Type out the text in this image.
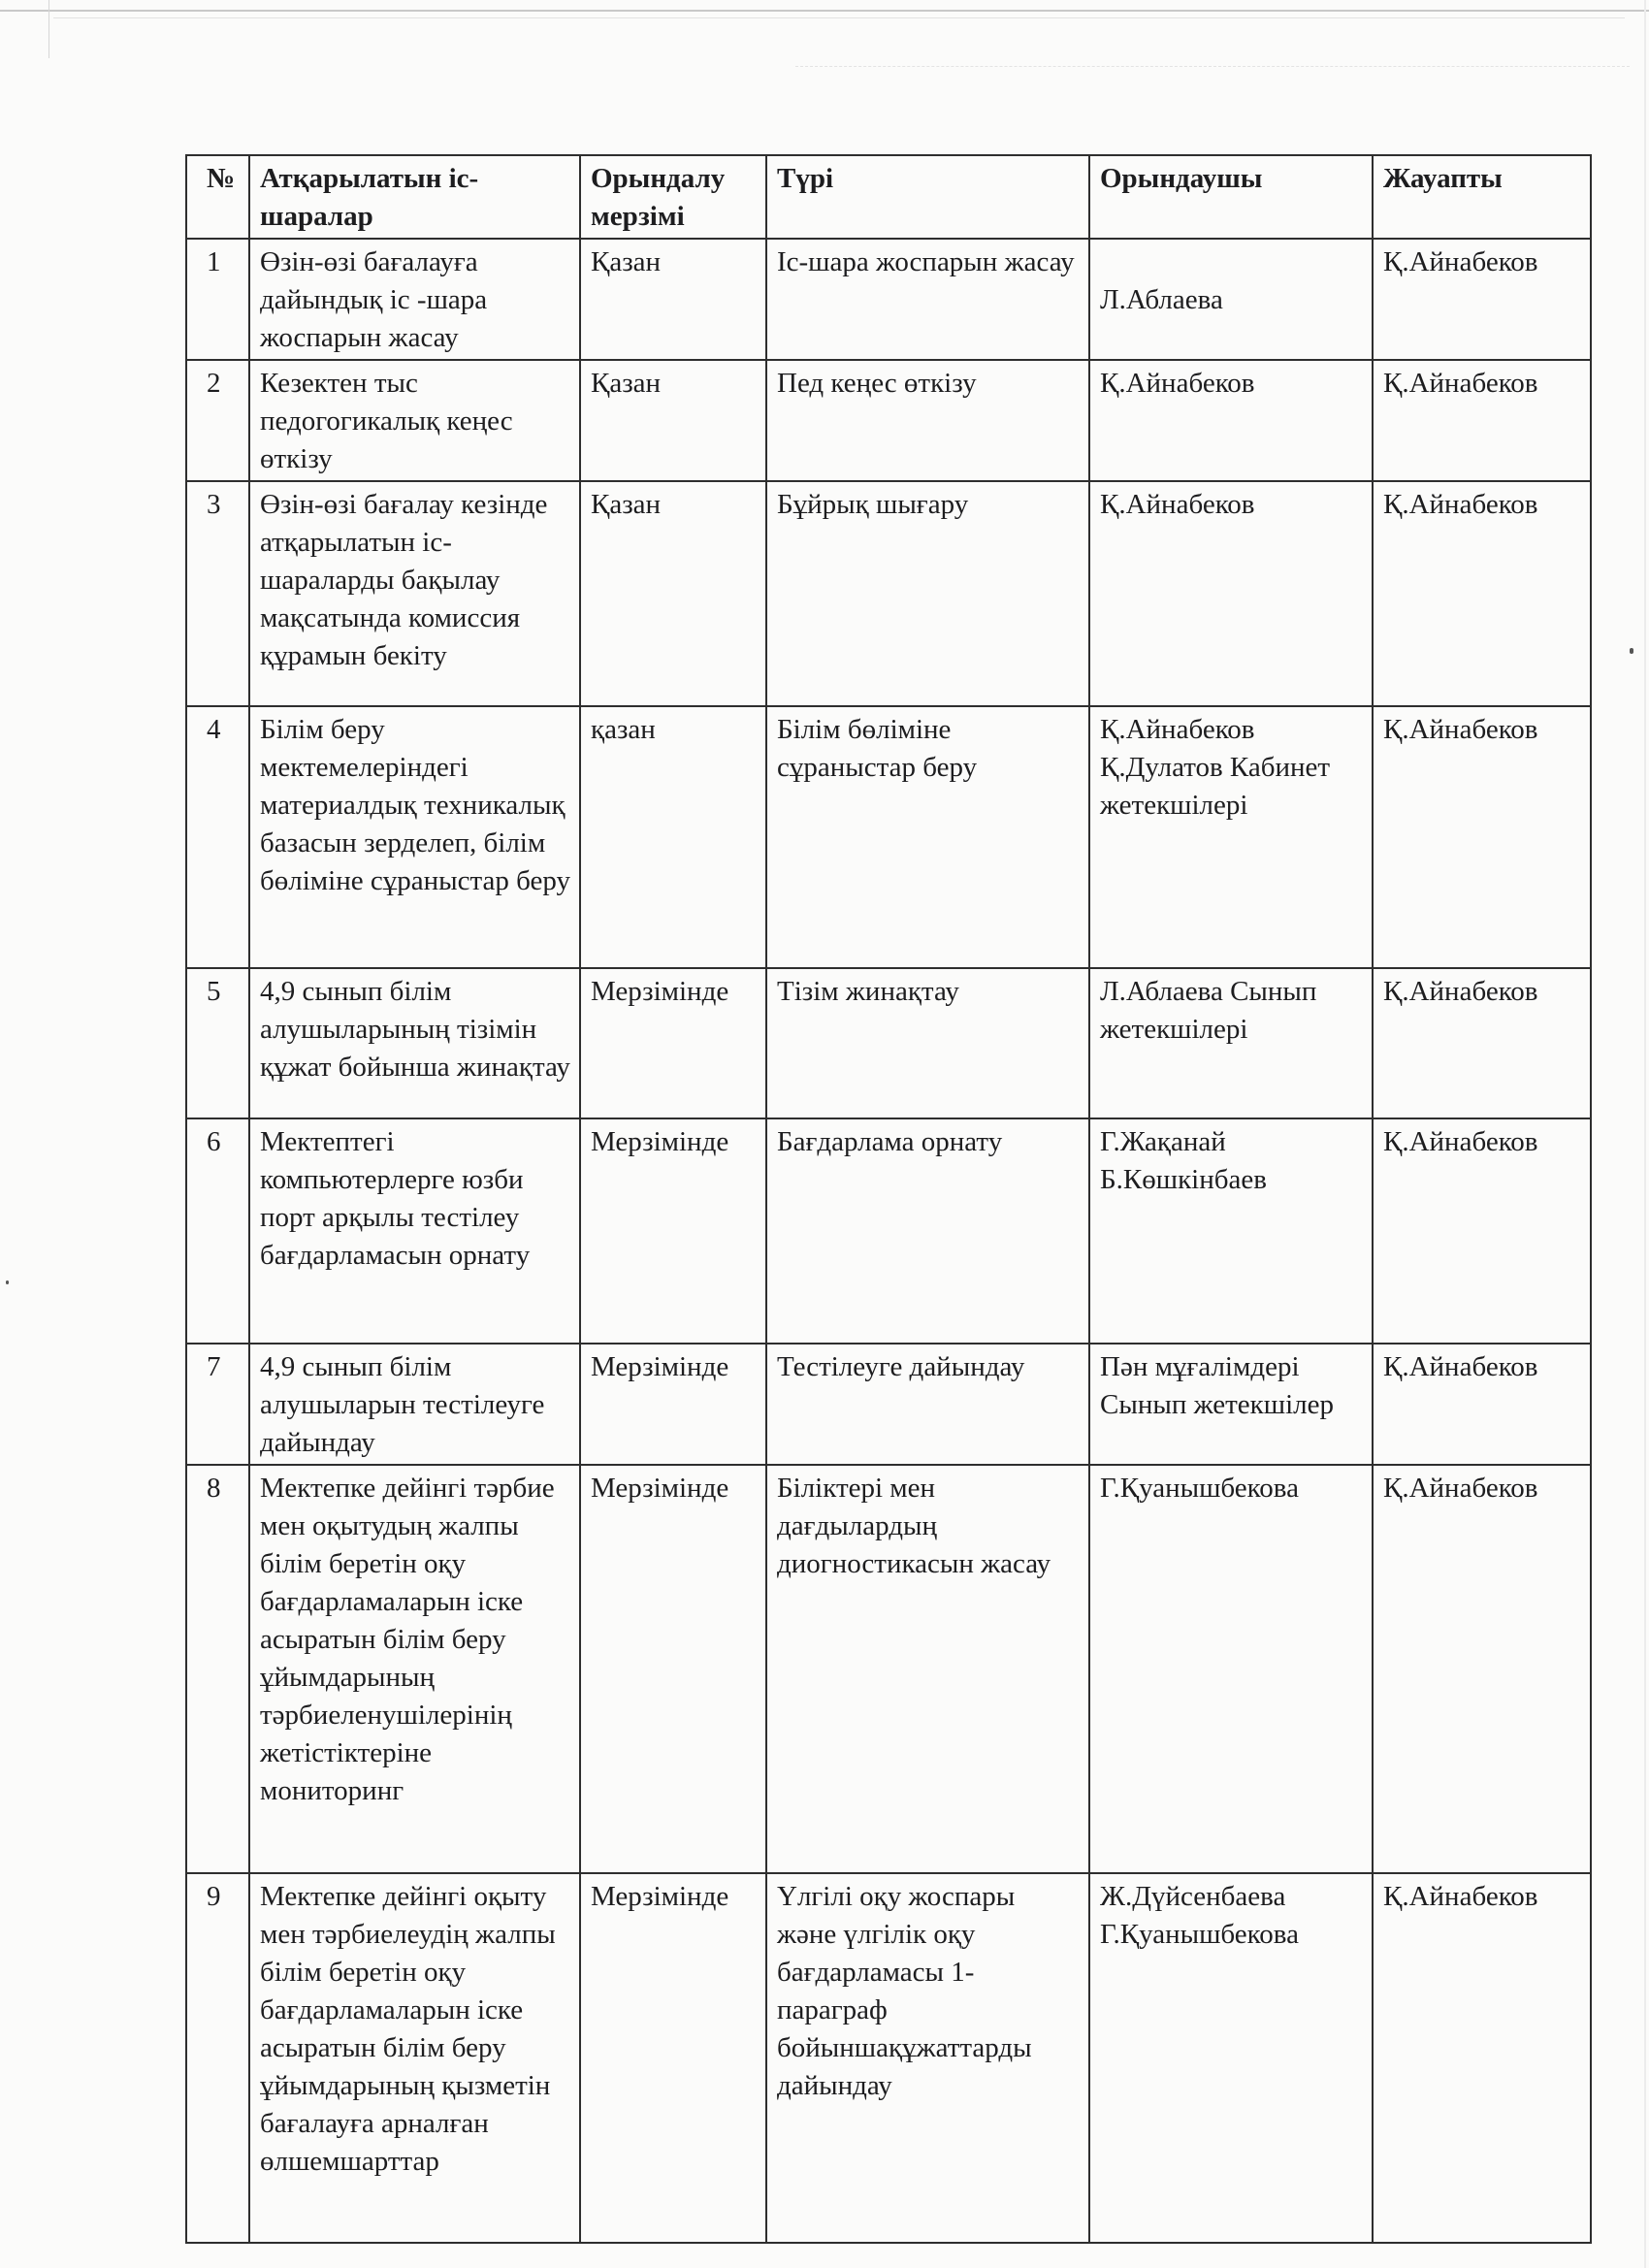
№	Атқарылатын іс-шаралар	Орындалу мерзімі	Түрі	Орындаушы	Жауапты
1	Өзін-өзі бағалауға дайындық іс -шара жоспарын жасау	Қазан	Іс-шара жоспарын жасау	Л.Аблаева	Қ.Айнабеков
2	Кезектен тыс педогогикалық кеңес өткізу	Қазан	Пед кеңес өткізу	Қ.Айнабеков	Қ.Айнабеков
3	Өзін-өзі бағалау кезінде атқарылатын іс-шараларды бақылау мақсатында комиссия құрамын бекіту	Қазан	Бұйрық шығару	Қ.Айнабеков	Қ.Айнабеков
4	Білім беру мектемелеріндегі материалдық техникалық базасын зерделеп, білім бөліміне сұраныстар беру	қазан	Білім бөліміне сұраныстар беру	Қ.Айнабеков Қ.Дулатов Кабинет жетекшілері	Қ.Айнабеков
5	4,9 сынып білім алушыларының тізімін құжат бойынша жинақтау	Мерзімінде	Тізім жинақтау	Л.Аблаева Сынып жетекшілері	Қ.Айнабеков
6	Мектептегі компьютерлерге юзби порт арқылы тестілеу бағдарламасын орнату	Мерзімінде	Бағдарлама орнату	Г.Жақанай Б.Көшкінбаев	Қ.Айнабеков
7	4,9 сынып білім алушыларын тестілеуге дайындау	Мерзімінде	Тестілеуге дайындау	Пән мұғалімдері Сынып жетекшілер	Қ.Айнабеков
8	Мектепке дейінгі тәрбие мен оқытудың жалпы білім беретін оқу бағдарламаларын іске асыратын білім беру ұйымдарының тәрбиеленушілерінің жетістіктеріне мониторинг	Мерзімінде	Біліктері мен дағдылардың диогностикасын жасау	Г.Қуанышбекова	Қ.Айнабеков
9	Мектепке дейінгі оқыту мен тәрбиелеудің жалпы білім беретін оқу бағдарламаларын іске асыратын білім беру ұйымдарының қызметін бағалауға арналған өлшемшарттар	Мерзімінде	Үлгілі оқу жоспары және үлгілік оқу бағдарламасы 1-параграф бойыншақұжаттарды дайындау	Ж.Дүйсенбаева Г.Қуанышбекова	Қ.Айнабеков
